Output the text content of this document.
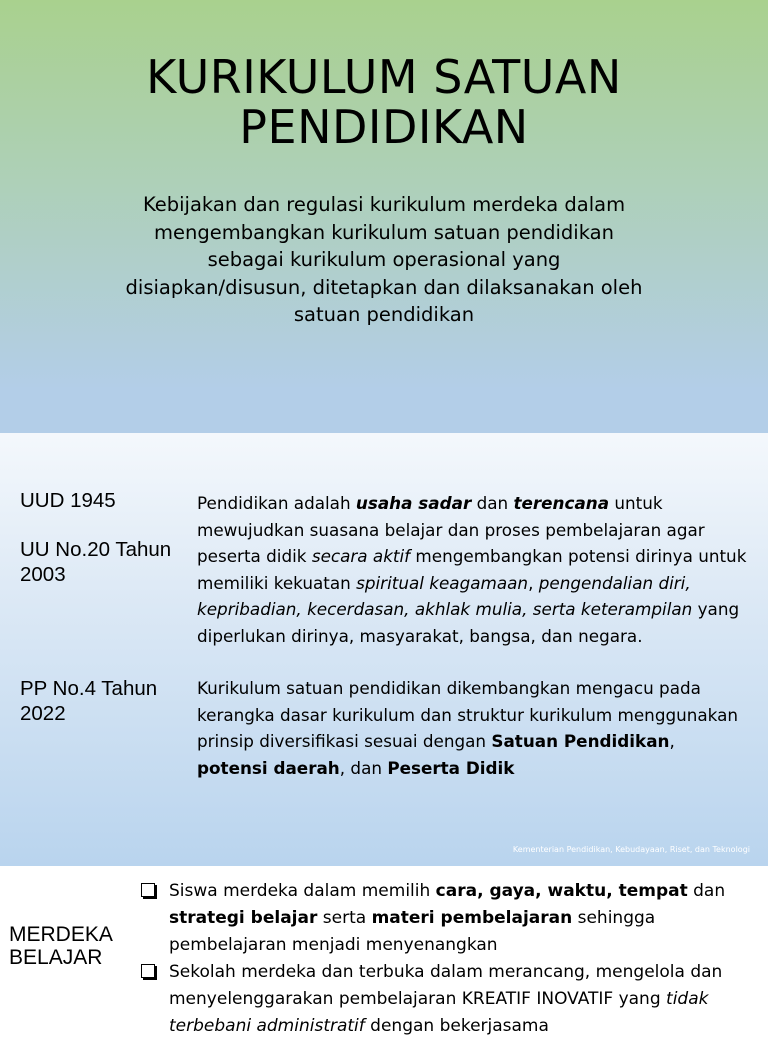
KURIKULUM SATUAN
PENDIDIKAN
Kebijakan dan regulasi kurikulum merdeka dalam
mengembangkan kurikulum satuan pendidikan
sebagai kurikulum operasional yang
disiapkan/disusun, ditetapkan dan dilaksanakan oleh
satuan pendidikan
UUD 1945
UU No.20 Tahun 2003
PP No.4 Tahun 2022

Pendidikan adalah usaha sadar dan terencana untuk mewujudkan suasana belajar dan proses pembelajaran agar peserta didik secara aktif mengembangkan potensi dirinya untuk memiliki kekuatan spiritual keagamaan, pengendalian diri, kepribadian, kecerdasan, akhlak mulia, serta keterampilan yang diperlukan dirinya, masyarakat, bangsa, dan negara.

Kurikulum satuan pendidikan dikembangkan mengacu pada kerangka dasar kurikulum dan struktur kurikulum menggunakan prinsip diversifikasi sesuai dengan Satuan Pendidikan, potensi daerah, dan Peserta Didik

Kementerian Pendidikan, Kebudayaan, Riset, dan Teknologi
MERDEKA BELAJAR
Siswa merdeka dalam memilih cara, gaya, waktu, tempat dan strategi belajar serta materi pembelajaran sehingga pembelajaran menjadi menyenangkan
Sekolah merdeka dan terbuka dalam merancang, mengelola dan menyelenggarakan pembelajaran KREATIF INOVATIF yang tidak terbebani administratif dengan bekerjasama
